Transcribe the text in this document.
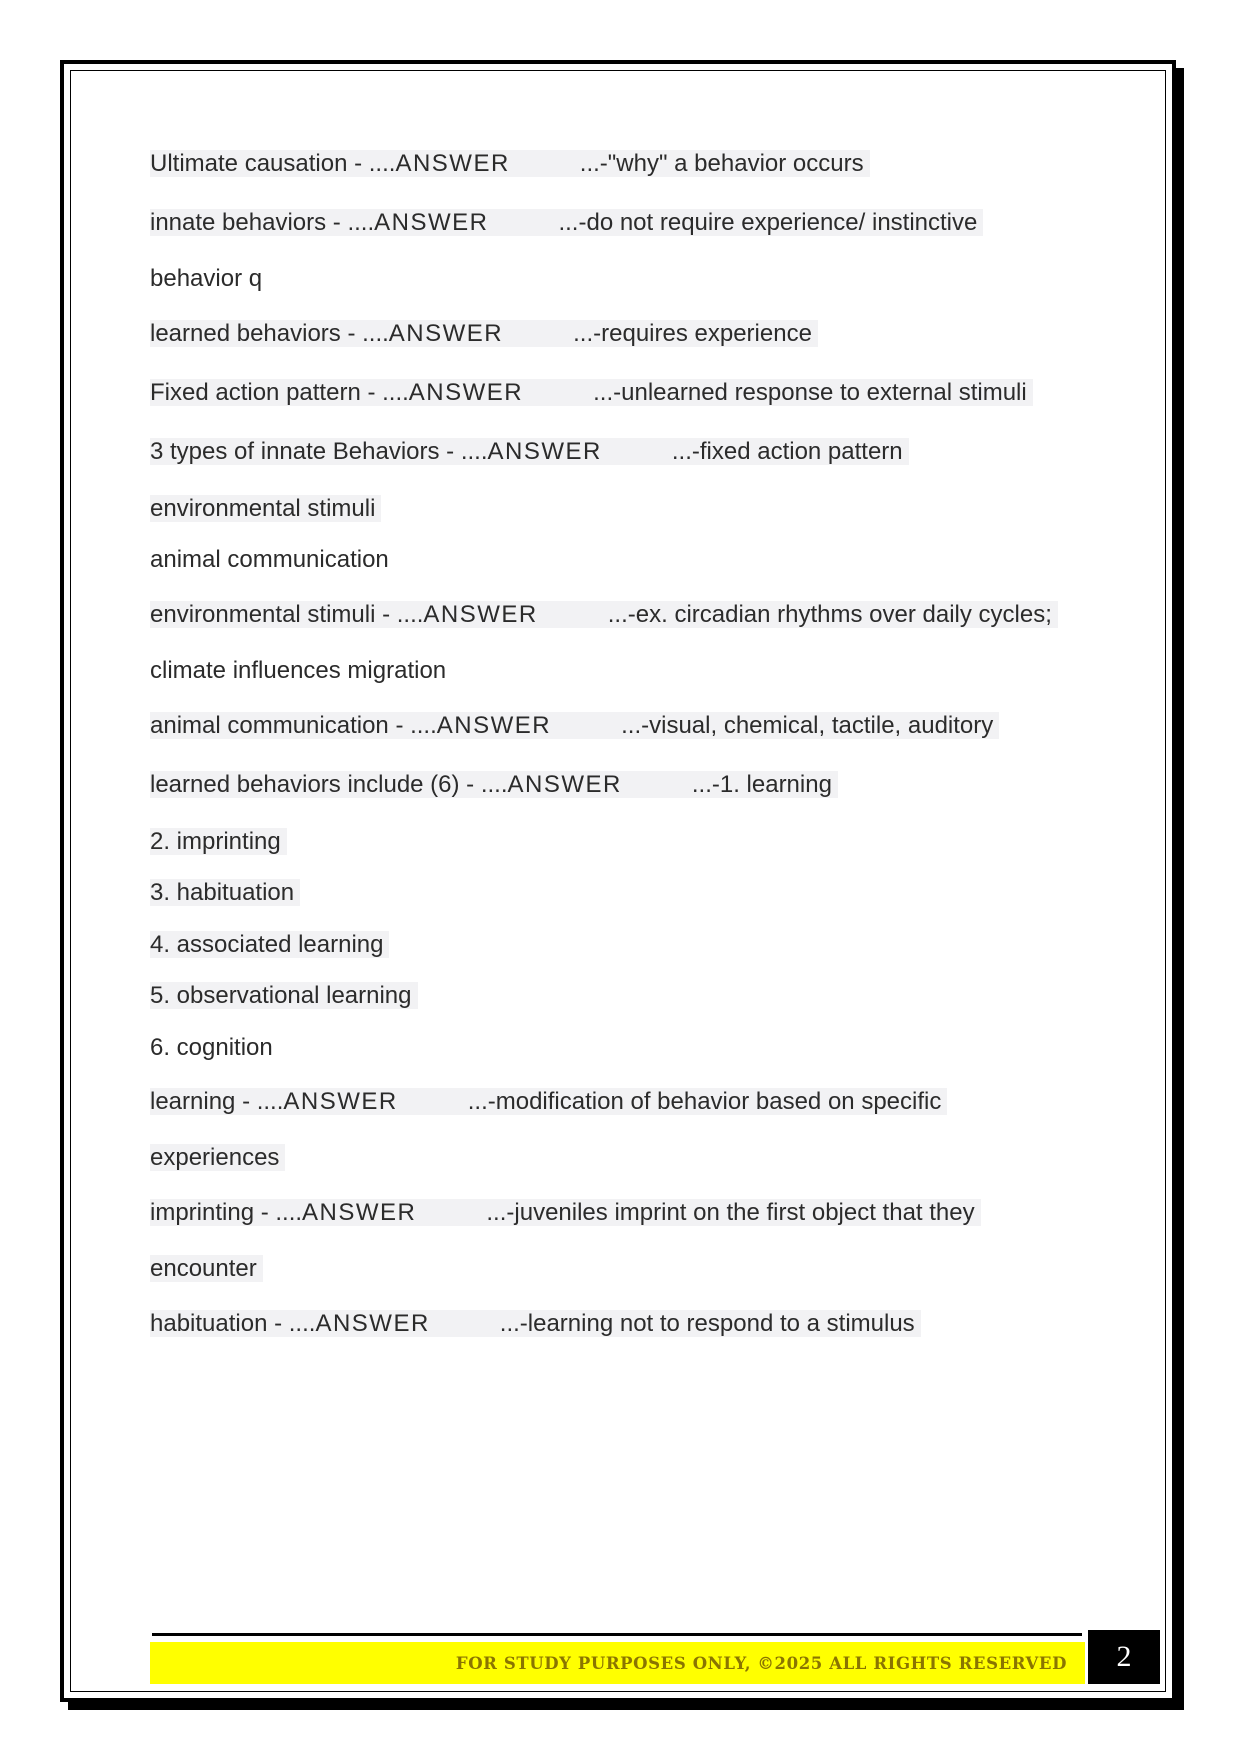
Ultimate causation - ....ANSWER	...-"why" a behavior occurs
innate behaviors - ....ANSWER	...-do not require experience/ instinctive
behavior q
learned behaviors - ....ANSWER	...-requires experience
Fixed action pattern - ....ANSWER	...-unlearned response to external stimuli
3 types of innate Behaviors - ....ANSWER	...-fixed action pattern
environmental stimuli
animal communication
environmental stimuli - ....ANSWER	...-ex. circadian rhythms over daily cycles;
climate influences migration
animal communication - ....ANSWER	...-visual, chemical, tactile, auditory
learned behaviors include (6) - ....ANSWER	...-1. learning
2. imprinting
3. habituation
4. associated learning
5. observational learning
6. cognition
learning - ....ANSWER	...-modification of behavior based on specific
experiences
imprinting - ....ANSWER	...-juveniles imprint on the first object that they
encounter
habituation - ....ANSWER	...-learning not to respond to a stimulus
FOR STUDY PURPOSES ONLY, ©2025 ALL RIGHTS RESERVED	2
